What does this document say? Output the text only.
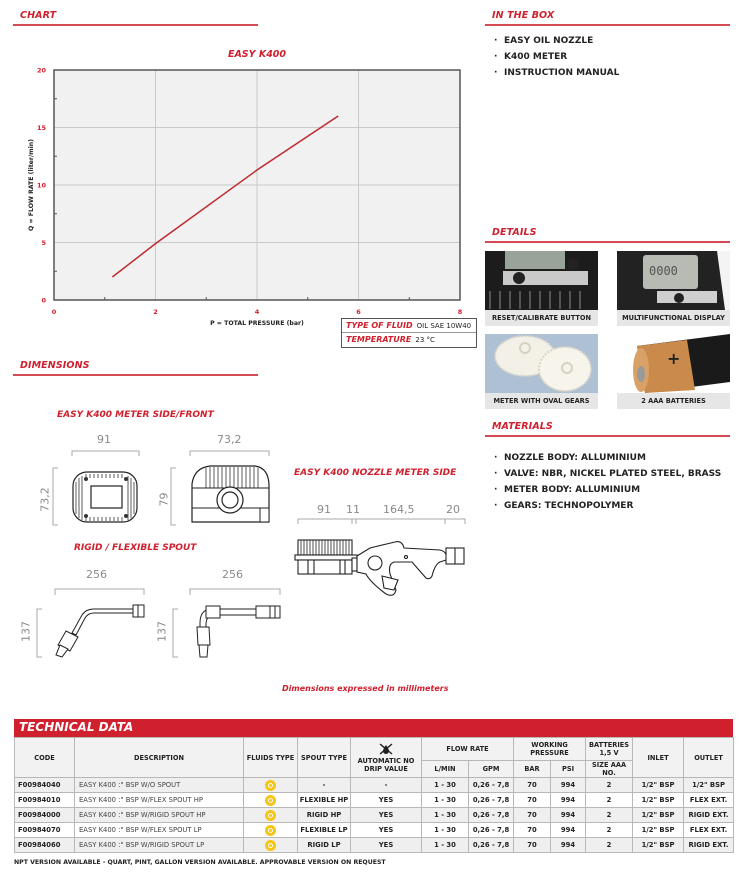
CHART
EASY K400
0	2	4	6	8
0
5
10
15
20
P = TOTAL PRESSURE (bar)
Q = FLOW RATE (liter/min)
TYPE OF FLUID OIL SAE 10W40
TEMPERATURE 23 °C
IN THE BOX
· EASY OIL NOZZLE
· K400 METER
· INSTRUCTION MANUAL
DETAILS
RESET/CALIBRATE BUTTON
0000
MULTIFUNCTIONAL DISPLAY
METER WITH OVAL GEARS
+
2 AAA BATTERIES
MATERIALS
· NOZZLE BODY: ALLUMINIUM
· VALVE: NBR, NICKEL PLATED STEEL, BRASS
· METER BODY: ALLUMINIUM
· GEARS: TECHNOPOLYMER
DIMENSIONS
EASY K400 METER SIDE/FRONT
91
73,2
73,2
79
EASY K400 NOZZLE METER SIDE
91 11 164,5	20
RIGID / FLEXIBLE SPOUT
256
137
256
137
Dimensions expressed in millimeters
TECHNICAL DATA
CODE	DESCRIPTION	FLUIDS TYPE	SPOUT TYPE	AUTOMATIC NO DRIP VALUE	FLOW RATE		WORKING PRESSURE		BATTERIES 1,5 V	INLET	OUTLET
					L/MIN	GPM	BAR	PSI	SIZE AAA NO.		
F00984040	EASY K400 :" BSP W/O SPOUT		-	-	1 - 30	0,26 - 7,8	70	994	2	1/2" BSP	1/2" BSP
F00984010	EASY K400 :" BSP W/FLEX SPOUT HP		FLEXIBLE HP	YES	1 - 30	0,26 - 7,8	70	994	2	1/2" BSP	FLEX EXT.
F00984000	EASY K400 :" BSP W/RIGID SPOUT HP		RIGID HP	YES	1 - 30	0,26 - 7,8	70	994	2	1/2" BSP	RIGID EXT.
F00984070	EASY K400 :" BSP W/FLEX SPOUT LP		FLEXIBLE LP	YES	1 - 30	0,26 - 7,8	70	994	2	1/2" BSP	FLEX EXT.
F00984060	EASY K400 :" BSP W/RIGID SPOUT LP		RIGID LP	YES	1 - 30	0,26 - 7,8	70	994	2	1/2" BSP	RIGID EXT.
NPT VERSION AVAILABLE - QUART, PINT, GALLON VERSION AVAILABLE. APPROVABLE VERSION ON REQUEST
